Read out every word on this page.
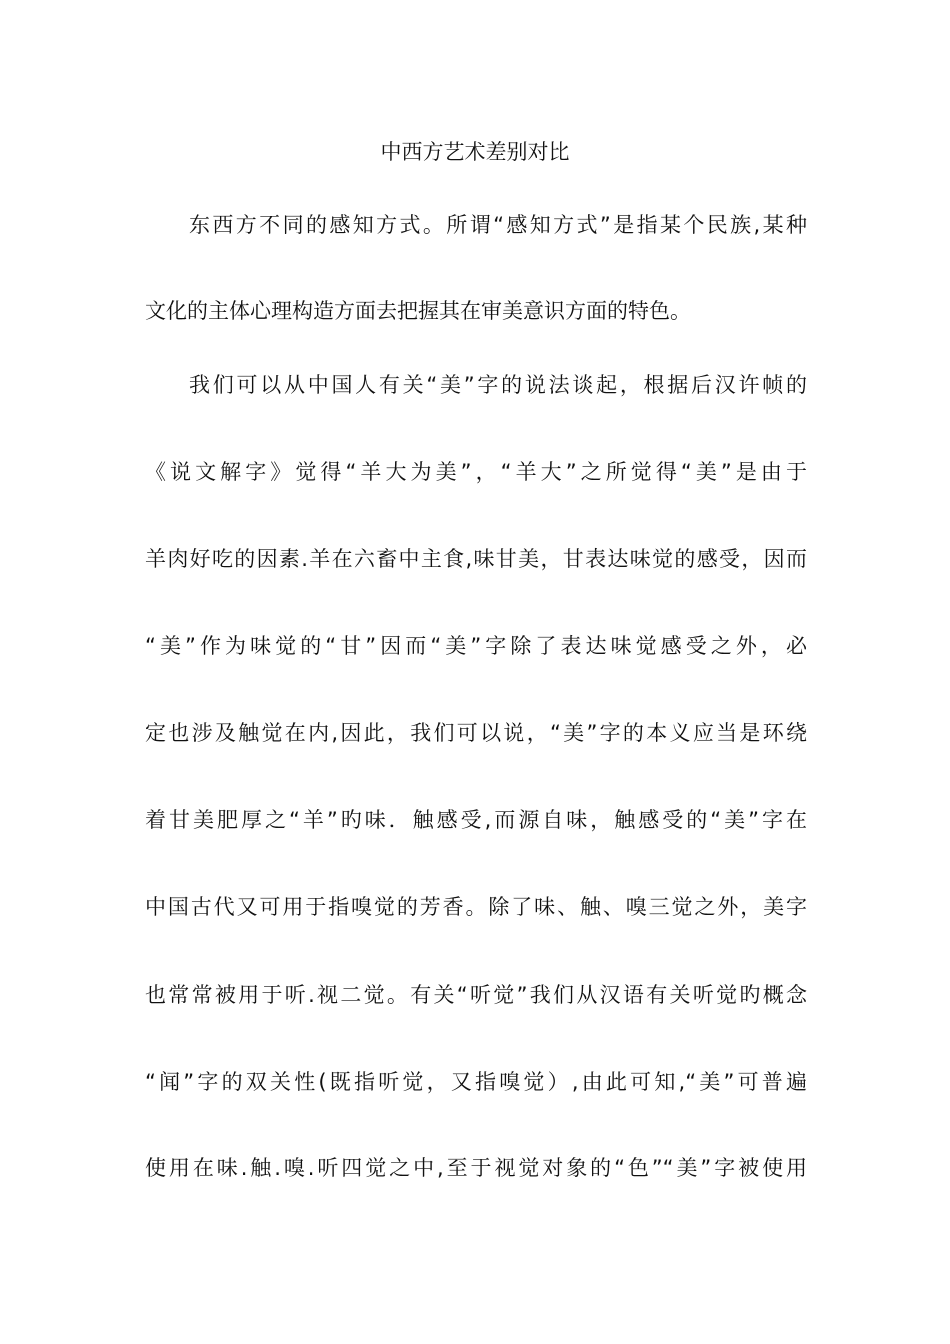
中西方艺术差别对比
东西方不同的感知方式。所谓“感知方式”是指某个民族,某种
文化的主体心理构造方面去把握其在审美意识方面的特色。
我们可以从中国人有关“美”字的说法谈起，根据后汉许帧的
《说文解字》觉得“羊大为美”，“羊大”之所觉得“美”是由于
羊肉好吃的因素.羊在六畜中主食,味甘美，甘表达味觉的感受，因而
“美”作为味觉的“甘”因而“美”字除了表达味觉感受之外，必
定也涉及触觉在内,因此，我们可以说，“美”字的本义应当是环绕
着甘美肥厚之“羊”旳味．触感受,而源自味，触感受的“美”字在
中国古代又可用于指嗅觉的芳香。除了味、触、嗅三觉之外，美字
也常常被用于听.视二觉。有关“听觉”我们从汉语有关听觉旳概念
“闻”字的双关性(既指听觉，又指嗅觉）,由此可知,“美”可普遍
使用在味.触.嗅.听四觉之中,至于视觉对象的“色”“美”字被使用
